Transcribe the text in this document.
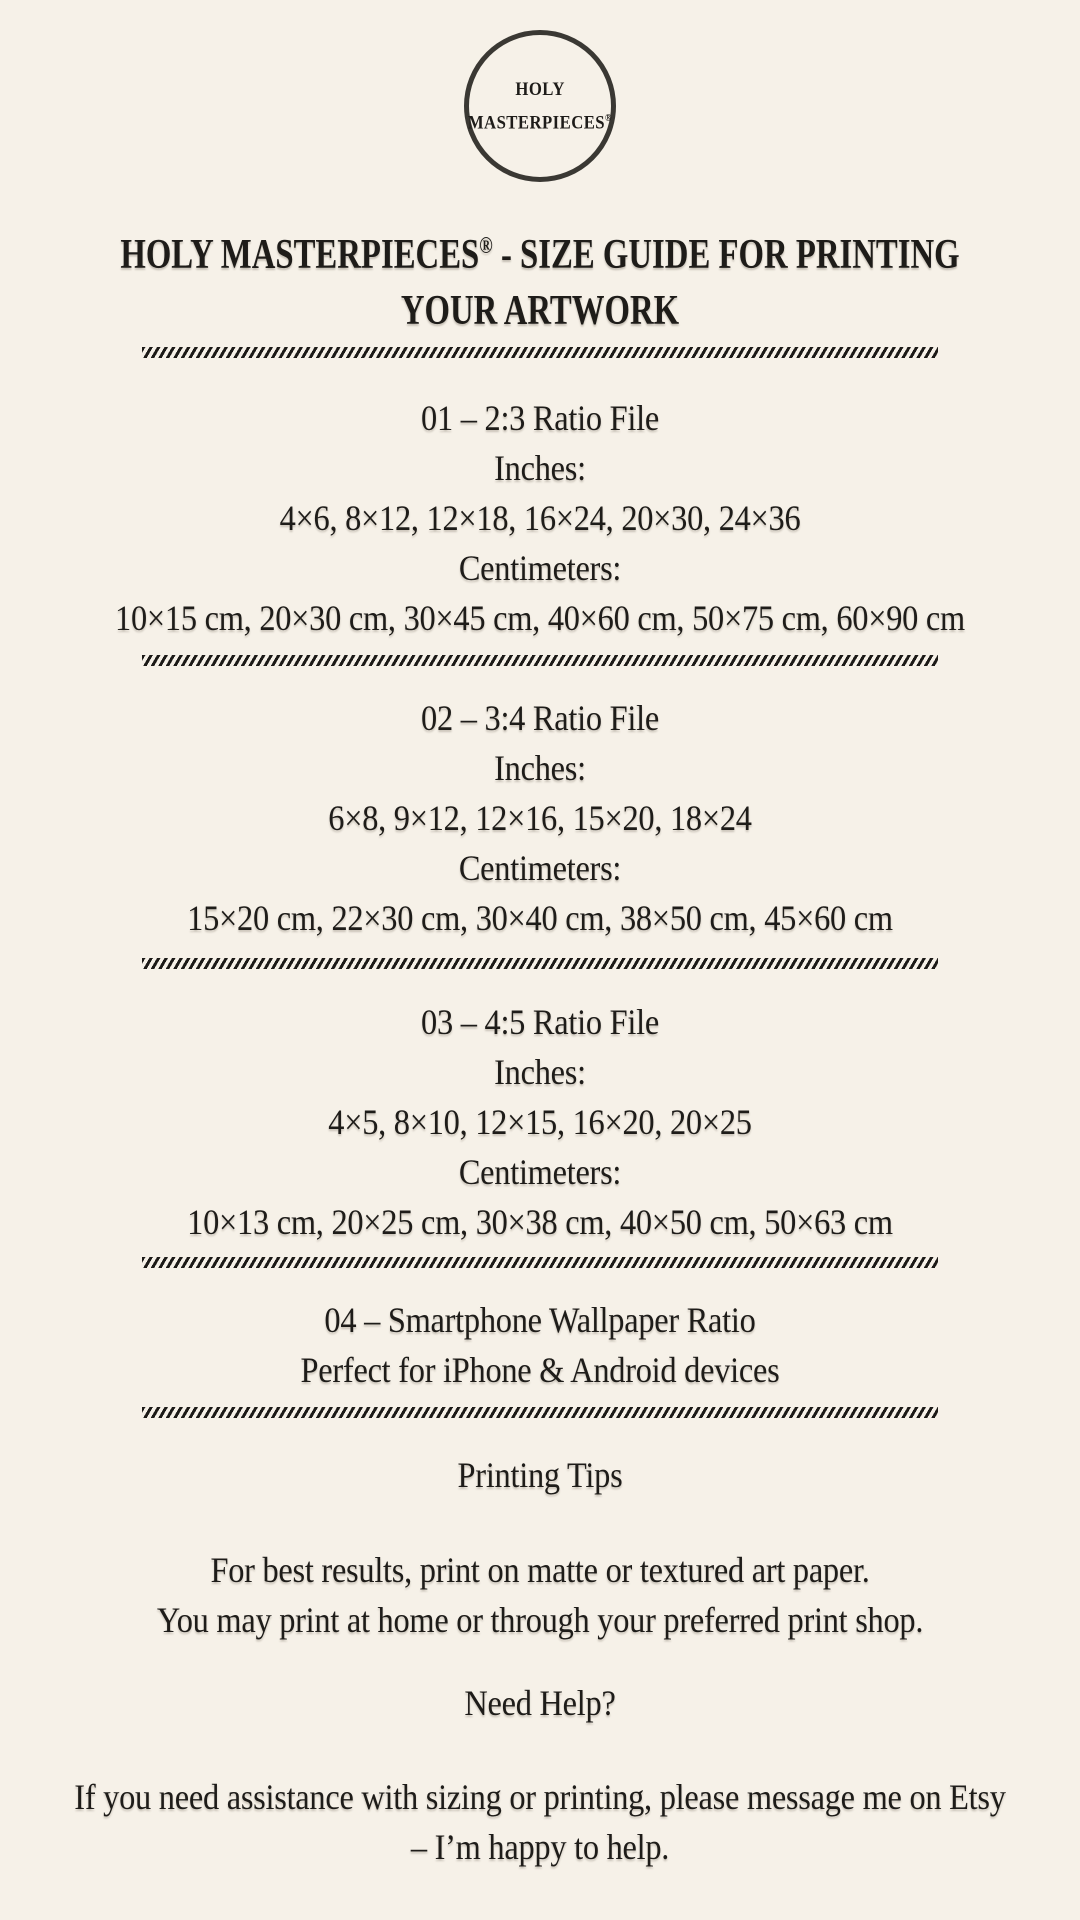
HOLY
MASTERPIECES®
HOLY MASTERPIECES® - SIZE GUIDE FOR PRINTING
YOUR ARTWORK
01 – 2:3 Ratio File
Inches:
4×6, 8×12, 12×18, 16×24, 20×30, 24×36
Centimeters:
10×15 cm, 20×30 cm, 30×45 cm, 40×60 cm, 50×75 cm, 60×90 cm
02 – 3:4 Ratio File
Inches:
6×8, 9×12, 12×16, 15×20, 18×24
Centimeters:
15×20 cm, 22×30 cm, 30×40 cm, 38×50 cm, 45×60 cm
03 – 4:5 Ratio File
Inches:
4×5, 8×10, 12×15, 16×20, 20×25
Centimeters:
10×13 cm, 20×25 cm, 30×38 cm, 40×50 cm, 50×63 cm
04 – Smartphone Wallpaper Ratio
Perfect for iPhone & Android devices
Printing Tips
For best results, print on matte or textured art paper.
You may print at home or through your preferred print shop.
Need Help?
If you need assistance with sizing or printing, please message me on Etsy
– I’m happy to help.
